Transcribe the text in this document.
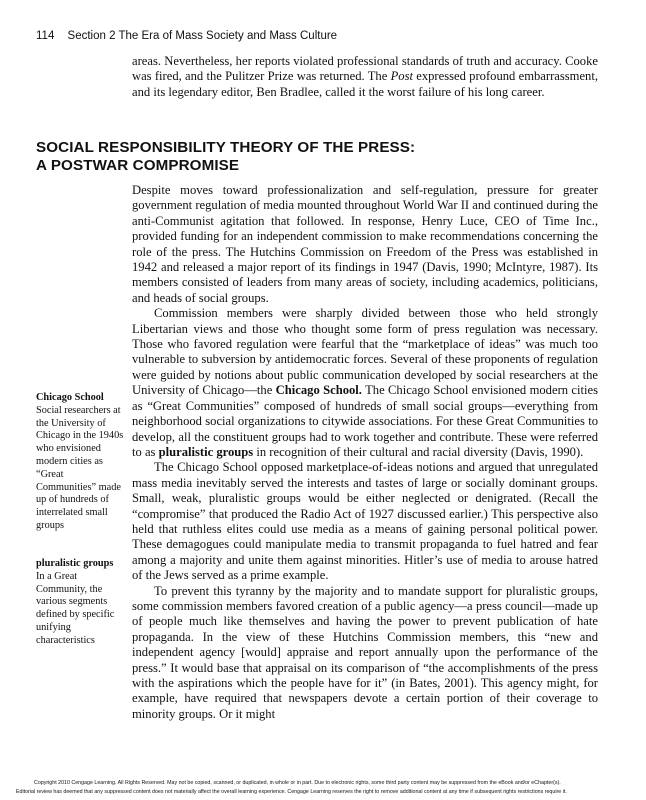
114 Section 2 The Era of Mass Society and Mass Culture

areas. Nevertheless, her reports violated professional standards of truth and accuracy. Cooke was fired, and the Pulitzer Prize was returned. The Post expressed profound embarrassment, and its legendary editor, Ben Bradlee, called it the worst failure of his long career.

SOCIAL RESPONSIBILITY THEORY OF THE PRESS:
A POSTWAR COMPROMISE

Despite moves toward professionalization and self-regulation, pressure for greater government regulation of media mounted throughout World War II and continued during the anti-Communist agitation that followed. In response, Henry Luce, CEO of Time Inc., provided funding for an independent commission to make recommendations concerning the role of the press. The Hutchins Commission on Freedom of the Press was established in 1942 and released a major report of its findings in 1947 (Davis, 1990; McIntyre, 1987). Its members consisted of leaders from many areas of society, including academics, politicians, and heads of social groups.

Commission members were sharply divided between those who held strongly Libertarian views and those who thought some form of press regulation was necessary. Those who favored regulation were fearful that the “marketplace of ideas” was much too vulnerable to subversion by antidemocratic forces. Several of these proponents of regulation were guided by notions about public communication developed by social researchers at the University of Chicago—the Chicago School. The Chicago School envisioned modern cities as “Great Communities” composed of hundreds of small social groups—everything from neighborhood social organizations to citywide associations. For these Great Communities to develop, all the constituent groups had to work together and contribute. These were referred to as pluralistic groups in recognition of their cultural and racial diversity (Davis, 1990).

The Chicago School opposed marketplace-of-ideas notions and argued that unregulated mass media inevitably served the interests and tastes of large or socially dominant groups. Small, weak, pluralistic groups would be either neglected or denigrated. (Recall the “compromise” that produced the Radio Act of 1927 discussed earlier.) This perspective also held that ruthless elites could use media as a means of gaining personal political power. These demagogues could manipulate media to transmit propaganda to fuel hatred and fear among a majority and unite them against minorities. Hitler’s use of media to arouse hatred of the Jews served as a prime example.

To prevent this tyranny by the majority and to mandate support for pluralistic groups, some commission members favored creation of a public agency—a press council—made up of people much like themselves and having the power to prevent publication of hate propaganda. In the view of these Hutchins Commission members, this “new and independent agency [would] appraise and report annually upon the performance of the press.” It would base that appraisal on its comparison of “the accomplishments of the press with the aspirations which the people have for it” (in Bates, 2001). This agency might, for example, have required that newspapers devote a certain portion of their coverage to minority groups. Or it might

Chicago School
Social researchers at the University of Chicago in the 1940s who envisioned modern cities as “Great Communities” made up of hundreds of interrelated small groups
pluralistic groups
In a Great Community, the various segments defined by specific unifying characteristics
Copyright 2010 Cengage Learning. All Rights Reserved. May not be copied, scanned, or duplicated, in whole or in part. Due to electronic rights, some third party content may be suppressed from the eBook and/or eChapter(s).
Editorial review has deemed that any suppressed content does not materially affect the overall learning experience. Cengage Learning reserves the right to remove additional content at any time if subsequent rights restrictions require it.
